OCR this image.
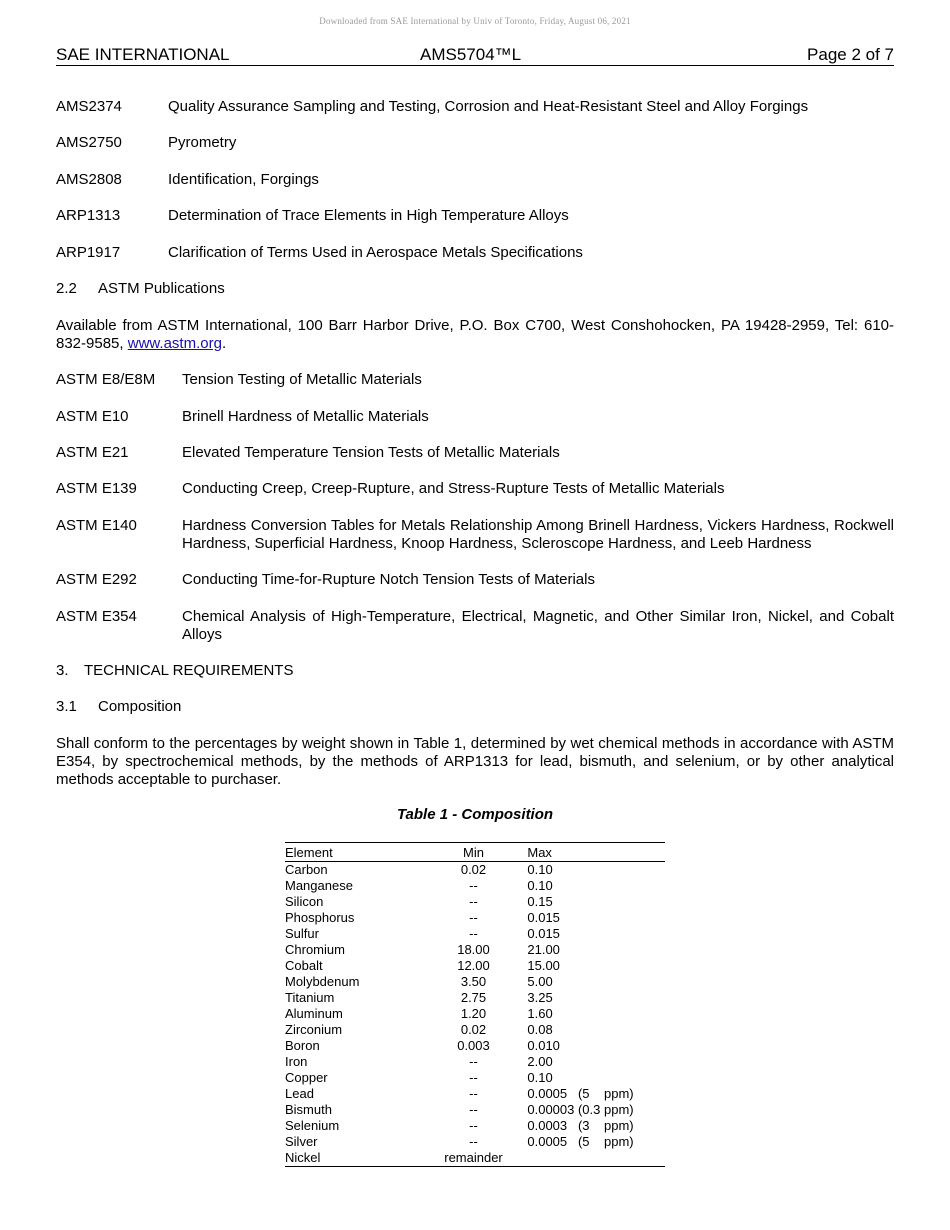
Downloaded from SAE International by Univ of Toronto, Friday, August 06, 2021
SAE INTERNATIONAL	AMS5704™L	Page 2 of 7
AMS2374	Quality Assurance Sampling and Testing, Corrosion and Heat-Resistant Steel and Alloy Forgings
AMS2750	Pyrometry
AMS2808	Identification, Forgings
ARP1313	Determination of Trace Elements in High Temperature Alloys
ARP1917	Clarification of Terms Used in Aerospace Metals Specifications
2.2 ASTM Publications
Available from ASTM International, 100 Barr Harbor Drive, P.O. Box C700, West Conshohocken, PA 19428-2959, Tel: 610-832-9585, www.astm.org.
ASTM E8/E8M Tension Testing of Metallic Materials
ASTM E10	Brinell Hardness of Metallic Materials
ASTM E21	Elevated Temperature Tension Tests of Metallic Materials
ASTM E139	Conducting Creep, Creep-Rupture, and Stress-Rupture Tests of Metallic Materials
ASTM E140	Hardness Conversion Tables for Metals Relationship Among Brinell Hardness, Vickers Hardness, Rockwell Hardness, Superficial Hardness, Knoop Hardness, Scleroscope Hardness, and Leeb Hardness
ASTM E292	Conducting Time-for-Rupture Notch Tension Tests of Materials
ASTM E354	Chemical Analysis of High-Temperature, Electrical, Magnetic, and Other Similar Iron, Nickel, and Cobalt Alloys
3. TECHNICAL REQUIREMENTS
3.1 Composition
Shall conform to the percentages by weight shown in Table 1, determined by wet chemical methods in accordance with ASTM E354, by spectrochemical methods, by the methods of ARP1313 for lead, bismuth, and selenium, or by other analytical methods acceptable to purchaser.
Table 1 - Composition
Element	Min	Max
Carbon	0.02	0.10
Manganese	--	0.10
Silicon	--	0.15
Phosphorus	--	0.015
Sulfur	--	0.015
Chromium	18.00	21.00
Cobalt	12.00	15.00
Molybdenum	3.50	5.00
Titanium	2.75	3.25
Aluminum	1.20	1.60
Zirconium	0.02	0.08
Boron	0.003	0.010
Iron	--	2.00
Copper	--	0.10
Lead	--	0.0005   (5    ppm)
Bismuth	--	0.00003 (0.3 ppm)
Selenium	--	0.0003   (3    ppm)
Silver	--	0.0005   (5    ppm)
Nickel	remainder	
